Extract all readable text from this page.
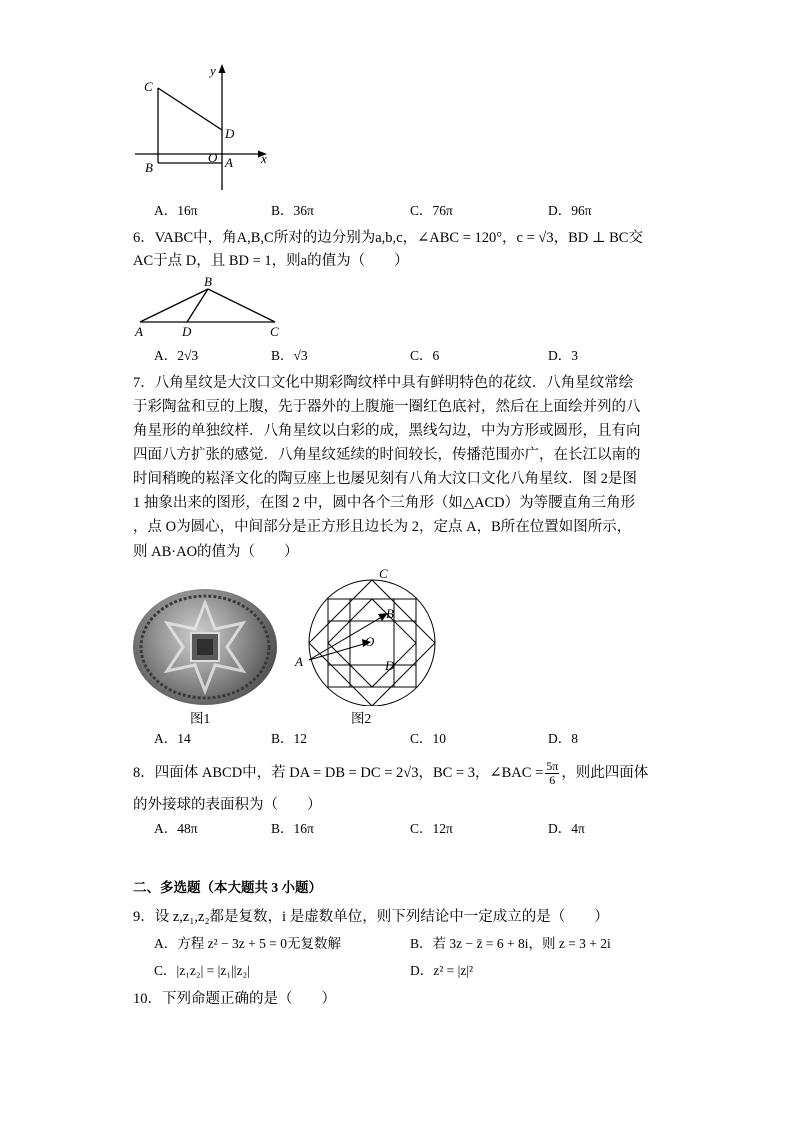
y
x
C
D
B
O A
A．16π	B．36π	C．76π	D．96π
6．VABC中，角A,B,C所对的边分别为a,b,c，∠ABC = 120°，c = √3，BD ⊥ BC交
AC于点 D，且 BD = 1，则a的值为（　　）
B
A	D	C
A．2√3	B．√3	C．6	D．3
7．八角星纹是大汶口文化中期彩陶纹样中具有鲜明特色的花纹．八角星纹常绘
于彩陶盆和豆的上腹，先于器外的上腹施一圈红色底衬，然后在上面绘并列的八
角星形的单独纹样．八角星纹以白彩的成，黑线勾边，中为方形或圆形，且有向
四面八方扩张的感觉．八角星纹延续的时间较长，传播范围亦广，在长江以南的
时间稍晚的崧泽文化的陶豆座上也屡见刻有八角大汶口文化八角星纹．图 2是图
1 抽象出来的图形，在图 2 中，圆中各个三角形（如△ACD）为等腰直角三角形
，点 O为圆心，中间部分是正方形且边长为 2，定点 A，B所在位置如图所示，
则 AB·AO的值为（　　）
图1
C
B
O
A	D
图2
A．14	B．12	C．10	D．8
8．四面体 ABCD中，若 DA = DB = DC = 2√3，BC = 3，∠BAC = $\frac{5\pi}{6}$ ，则此四面体
的外接球的表面积为（　　）
A．48π	B．16π	C．12π	D．4π
二、多选题（本大题共 3 小题）
9．设 z,z₁,z₂都是复数，i 是虚数单位，则下列结论中一定成立的是（　　）
A．方程 z² − 3z + 5 = 0无复数解	B．若 3z − z̄ = 6 + 8i，则 z = 3 + 2i
C．|z₁z₂| = |z₁||z₂|	D．z² = |z|²
10．下列命题正确的是（　　）
